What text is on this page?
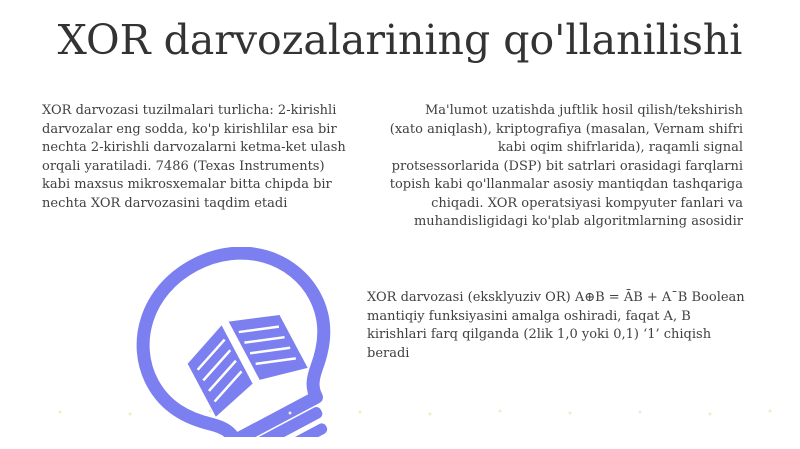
XOR darvozalarining qo'llanilishi
XOR darvozasi tuzilmalari turlicha: 2-kirishli darvozalar eng sodda, ko'p kirishlilar esa bir nechta 2-kirishli darvozalarni ketma-ket ulash orqali yaratiladi. 7486 (Texas Instruments) kabi maxsus mikrosxemalar bitta chipda bir nechta XOR darvozasini taqdim etadi
Ma'lumot uzatishda juftlik hosil qilish/tekshirish (xato aniqlash), kriptografiya (masalan, Vernam shifri kabi oqim shifrlarida), raqamli signal protsessorlarida (DSP) bit satrlari orasidagi farqlarni topish kabi qo'llanmalar asosiy mantiqdan tashqariga chiqadi. XOR operatsiyasi kompyuter fanlari va muhandisligidagi ko'plab algoritmlarning asosidir
XOR darvozasi (eksklyuziv OR) A⊕B = ĀB + A¯B Boolean mantiqiy funksiyasini amalga oshiradi, faqat A, B kirishlari farq qilganda (2lik 1,0 yoki 0,1) ‘1’ chiqish beradi
